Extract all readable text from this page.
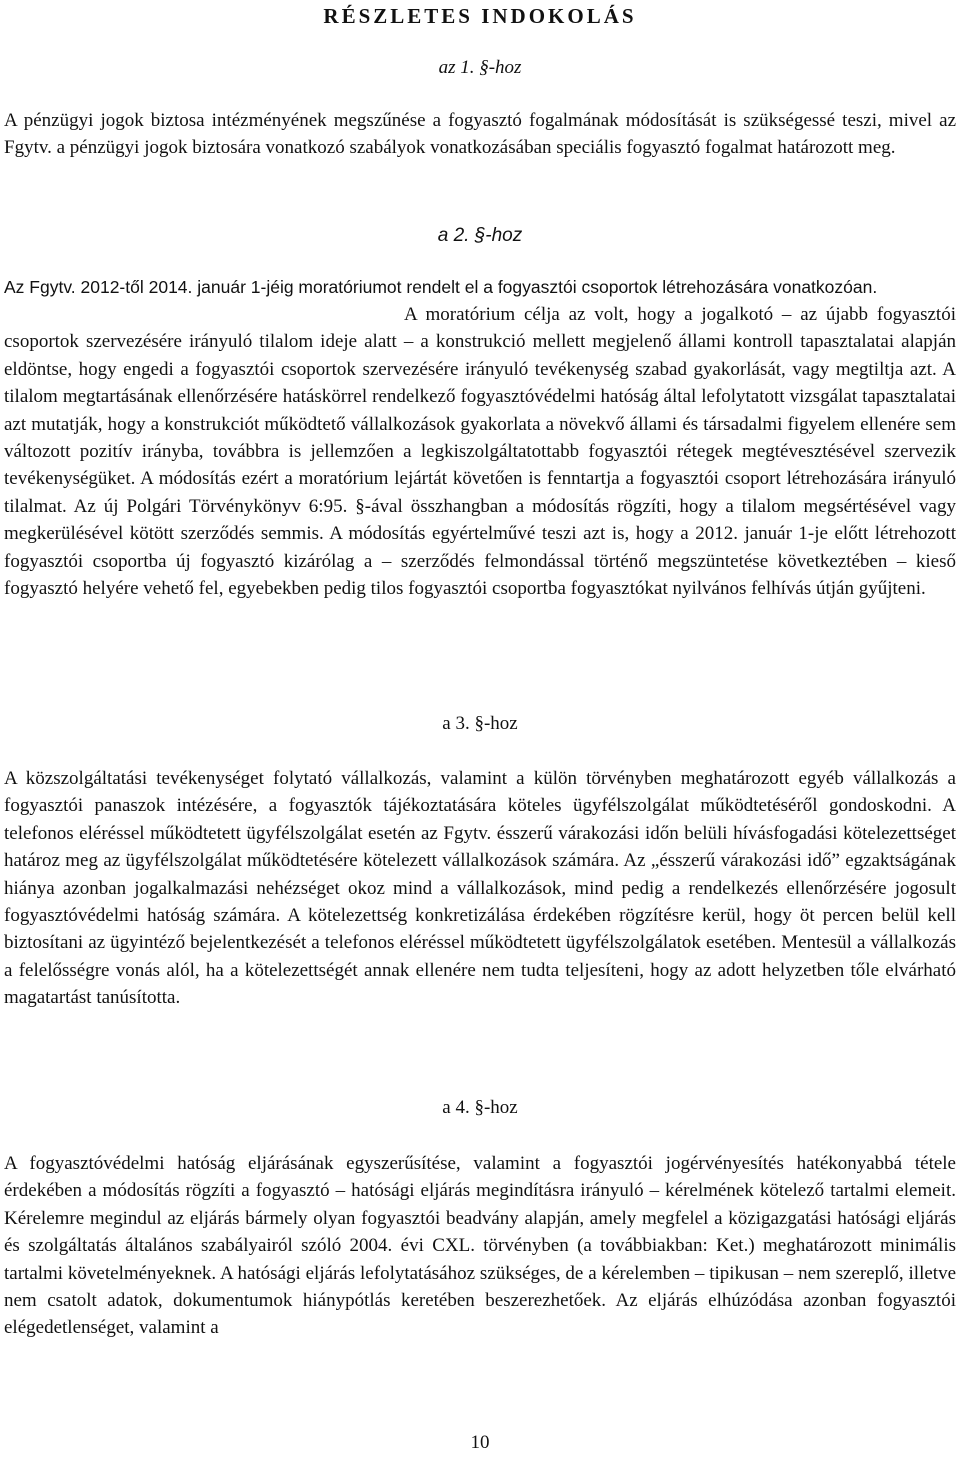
RÉSZLETES INDOKOLÁS
az 1. §-hoz

A pénzügyi jogok biztosa intézményének megszűnése a fogyasztó fogalmának módosítását is szükségessé teszi, mivel az Fgytv. a pénzügyi jogok biztosára vonatkozó szabályok vonatkozásában speciális fogyasztó fogalmat határozott meg.

a 2. §-hoz

Az Fgytv. 2012-től 2014. január 1-jéig moratóriumot rendelt el a fogyasztói csoportok létrehozására vonatkozóan.

A moratórium célja az volt, hogy a jogalkotó – az újabb fogyasztói csoportok szervezésére irányuló tilalom ideje alatt – a konstrukció mellett megjelenő állami kontroll tapasztalatai alapján eldöntse, hogy engedi a fogyasztói csoportok szervezésére irányuló tevékenység szabad gyakorlását, vagy megtiltja azt. A tilalom megtartásának ellenőrzésére hatáskörrel rendelkező fogyasztóvédelmi hatóság által lefolytatott vizsgálat tapasztalatai azt mutatják, hogy a konstrukciót működtető vállalkozások gyakorlata a növekvő állami és társadalmi figyelem ellenére sem változott pozitív irányba, továbbra is jellemzően a legkiszolgáltatottabb fogyasztói rétegek megtévesztésével szervezik tevékenységüket. A módosítás ezért a moratórium lejártát követően is fenntartja a fogyasztói csoport létrehozására irányuló tilalmat. Az új Polgári Törvénykönyv 6:95. §-ával összhangban a módosítás rögzíti, hogy a tilalom megsértésével vagy megkerülésével kötött szerződés semmis. A módosítás egyértelművé teszi azt is, hogy a 2012. január 1-je előtt létrehozott fogyasztói csoportba új fogyasztó kizárólag a – szerződés felmondással történő megszüntetése következtében – kieső fogyasztó helyére vehető fel, egyebekben pedig tilos fogyasztói csoportba fogyasztókat nyilvános felhívás útján gyűjteni.

a 3. §-hoz

A közszolgáltatási tevékenységet folytató vállalkozás, valamint a külön törvényben meghatározott egyéb vállalkozás a fogyasztói panaszok intézésére, a fogyasztók tájékoztatására köteles ügyfélszolgálat működtetéséről gondoskodni. A telefonos eléréssel működtetett ügyfélszolgálat esetén az Fgytv. ésszerű várakozási időn belüli hívásfogadási kötelezettséget határoz meg az ügyfélszolgálat működtetésére kötelezett vállalkozások számára. Az „ésszerű várakozási idő” egzaktságának hiánya azonban jogalkalmazási nehézséget okoz mind a vállalkozások, mind pedig a rendelkezés ellenőrzésére jogosult fogyasztóvédelmi hatóság számára. A kötelezettség konkretizálása érdekében rögzítésre kerül, hogy öt percen belül kell biztosítani az ügyintéző bejelentkezését a telefonos eléréssel működtetett ügyfélszolgálatok esetében. Mentesül a vállalkozás a felelősségre vonás alól, ha a kötelezettségét annak ellenére nem tudta teljesíteni, hogy az adott helyzetben tőle elvárható magatartást tanúsította.

a 4. §-hoz

A fogyasztóvédelmi hatóság eljárásának egyszerűsítése, valamint a fogyasztói jogérvényesítés hatékonyabbá tétele érdekében a módosítás rögzíti a fogyasztó – hatósági eljárás megindításra irányuló – kérelmének kötelező tartalmi elemeit. Kérelemre megindul az eljárás bármely olyan fogyasztói beadvány alapján, amely megfelel a közigazgatási hatósági eljárás és szolgáltatás általános szabályairól szóló 2004. évi CXL. törvényben (a továbbiakban: Ket.) meghatározott minimális tartalmi követelményeknek. A hatósági eljárás lefolytatásához szükséges, de a kérelemben – tipikusan – nem szereplő, illetve nem csatolt adatok, dokumentumok hiánypótlás keretében beszerezhetőek. Az eljárás elhúzódása azonban fogyasztói elégedetlenséget, valamint a

10
